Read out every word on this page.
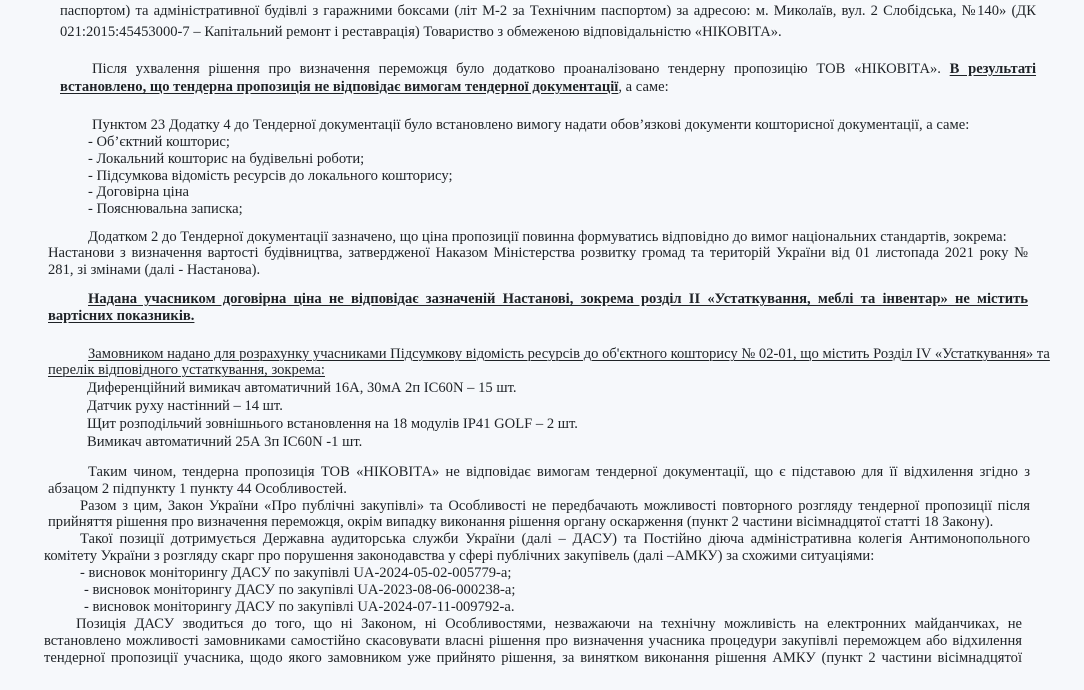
паспортом) та адміністративної будівлі з гаражними боксами (літ М-2 за Технічним паспортом) за адресою: м. Миколаїв, вул. 2 Слобідська, №140» (ДК
021:2015:45453000-7 – Капітальний ремонт і реставрація) Товариство з обмеженою відповідальністю «НІКОВІТА».
Після ухвалення рішення про визначення переможця було додатково проаналізовано тендерну пропозицію ТОВ «НІКОВІТА». В результаті
встановлено, що тендерна пропозиція не відповідає вимогам тендерної документації, а саме:
Пунктом 23 Додатку 4 до Тендерної документації було встановлено вимогу надати обов’язкові документи кошторисної документації, а саме:
- Об’єктний кошторис;
- Локальний кошторис на будівельні роботи;
- Підсумкова відомість ресурсів до локального кошторису;
- Договірна ціна
- Пояснювальна записка;
Додатком 2 до Тендерної документації зазначено, що ціна пропозиції повинна формуватись відповідно до вимог національних стандартів, зокрема:
Настанови з визначення вартості будівництва, затвердженої Наказом Міністерства розвитку громад та територій України від 01 листопада 2021 року №
281, зі змінами (далі - Настанова).
Надана учасником договірна ціна не відповідає зазначеній Настанові, зокрема розділ II «Устаткування, меблі та інвентар» не містить
вартісних показників.
Замовником надано для розрахунку учасниками Підсумкову відомість ресурсів до об'єктного кошторису № 02-01, що містить Розділ IV «Устаткування» та
перелік відповідного устаткування, зокрема:
Диференційний вимикач автоматичний 16А, 30мА 2п IC60N – 15 шт.
Датчик руху настінний – 14 шт.
Щит розподільчий зовнішнього встановлення на 18 модулів IP41 GOLF – 2 шт.
Вимикач автоматичний 25А 3п IC60N -1 шт.
Таким чином, тендерна пропозиція ТОВ «НІКОВІТА» не відповідає вимогам тендерної документації, що є підставою для її відхилення згідно з
абзацом 2 підпункту 1 пункту 44 Особливостей.
Разом з цим, Закон України «Про публічні закупівлі» та Особливості не передбачають можливості повторного розгляду тендерної пропозиції після
прийняття рішення про визначення переможця, окрім випадку виконання рішення органу оскарження (пункт 2 частини вісімнадцятої статті 18 Закону).
Такої позиції дотримується Державна аудиторська служби України (далі – ДАСУ) та Постійно діюча адміністративна колегія Антимонопольного
комітету України з розгляду скарг про порушення законодавства у сфері публічних закупівель (далі –АМКУ) за схожими ситуаціями:
- висновок моніторингу ДАСУ по закупівлі UA-2024-05-02-005779-а;
- висновок моніторингу ДАСУ по закупівлі UA-2023-08-06-000238-а;
- висновок моніторингу ДАСУ по закупівлі UA-2024-07-11-009792-а.
Позиція ДАСУ зводиться до того, що ні Законом, ні Особливостями, незважаючи на технічну можливість на електронних майданчиках, не
встановлено можливості замовниками самостійно скасовувати власні рішення про визначення учасника процедури закупівлі переможцем або відхилення
тендерної пропозиції учасника, щодо якого замовником уже прийнято рішення, за винятком виконання рішення АМКУ (пункт 2 частини вісімнадцятої
